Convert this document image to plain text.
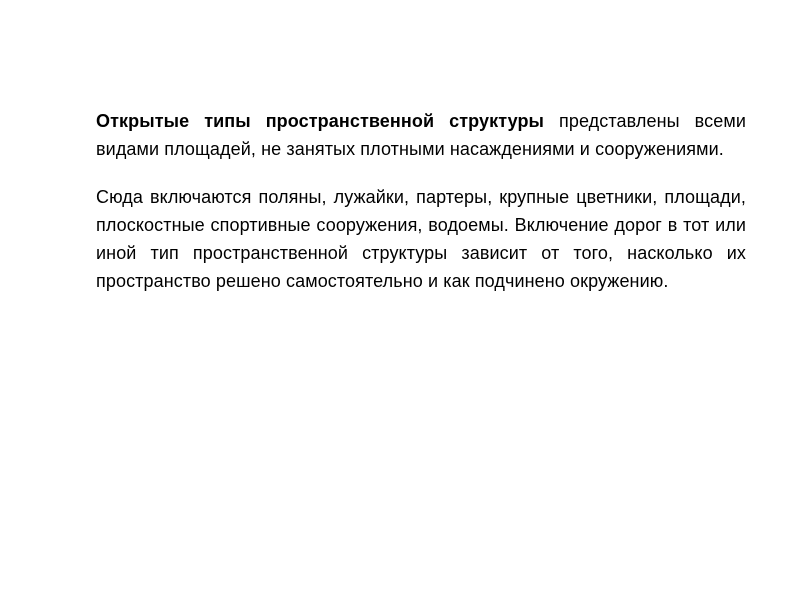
Открытые типы пространственной структуры представлены всеми видами площадей, не занятых плотными насаждениями и сооружениями.

Сюда включаются поляны, лужайки, партеры, крупные цветники, площади, плоскостные спортивные сооружения, водоемы. Включение дорог в тот или иной тип пространственной структуры зависит от того, насколько их пространство решено самостоятельно и как подчинено окружению.
